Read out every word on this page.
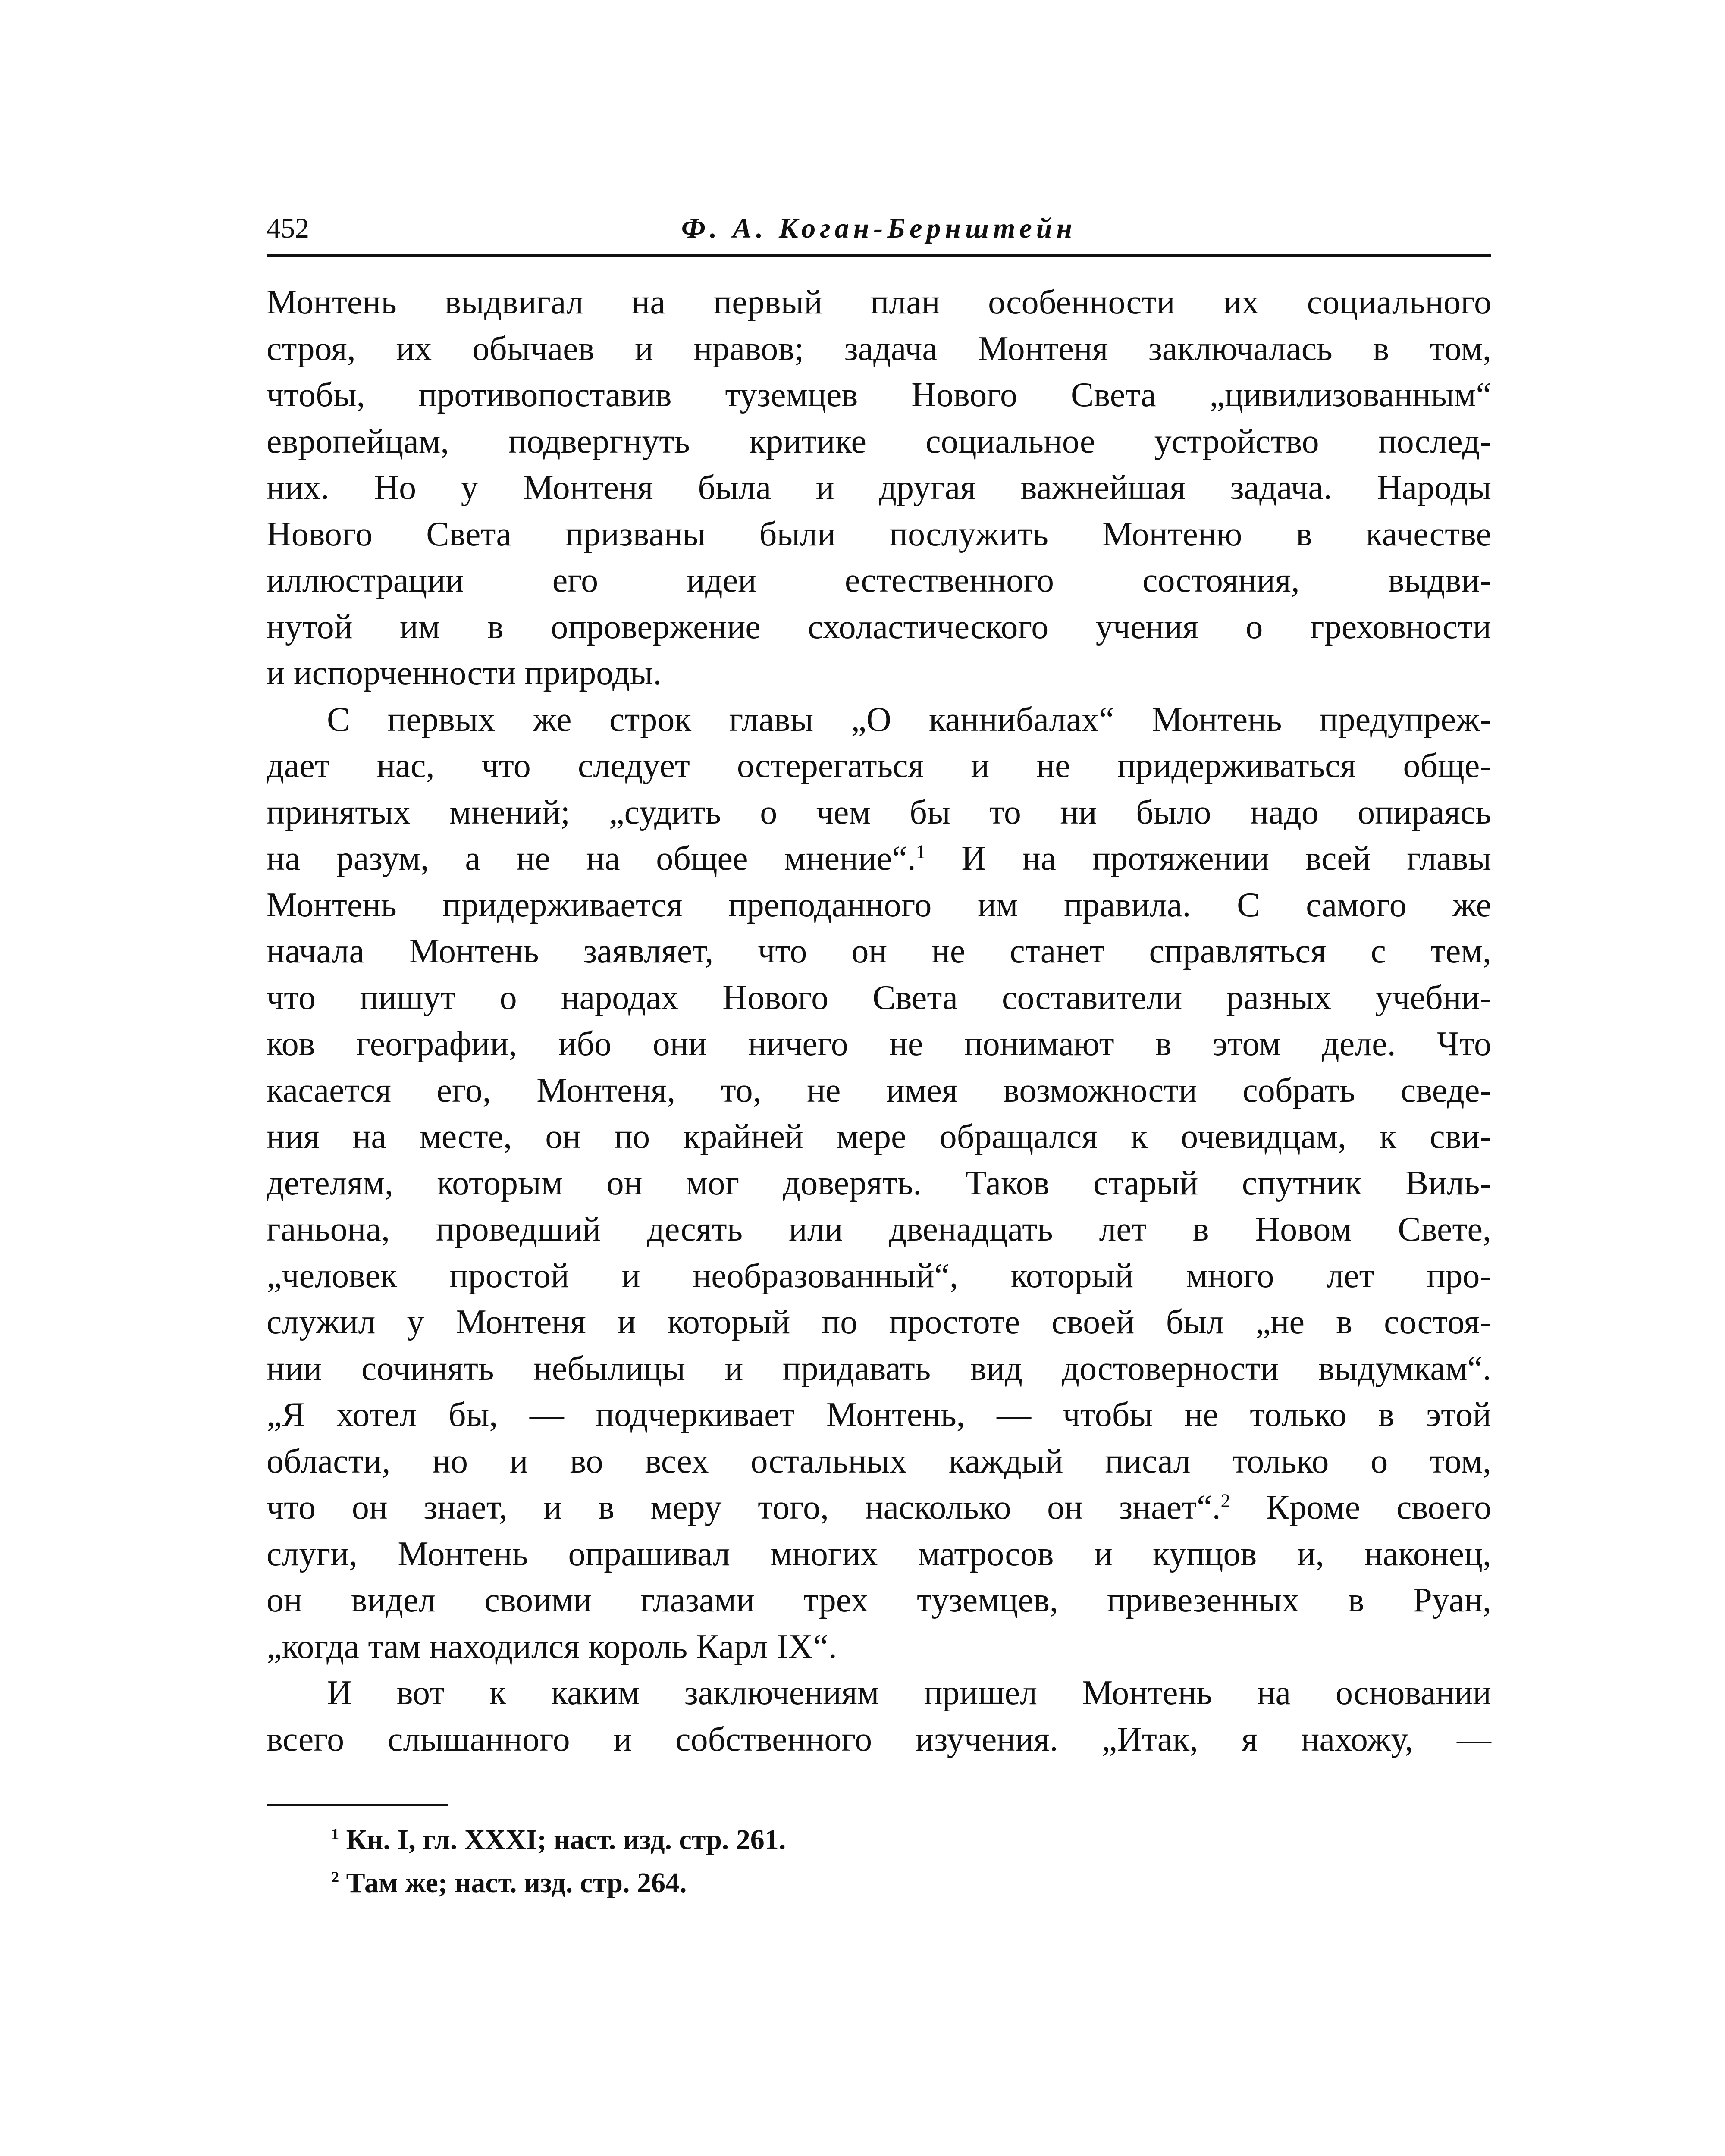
452	Ф. А. Коган-Бернштейн
Монтень выдвигал на первый план особенности их социального
строя, их обычаев и нравов; задача Монтеня заключалась в том,
чтобы, противопоставив туземцев Нового Света „цивилизованным“
европейцам, подвергнуть критике социальное устройство послед-
них. Но у Монтеня была и другая важнейшая задача. Народы
Нового Света призваны были послужить Монтеню в качестве
иллюстрации его идеи естественного состояния, выдви-
нутой им в опровержение схоластического учения о греховности
и испорченности природы.
С первых же строк главы „О каннибалах“ Монтень предупреж-
дает нас, что следует остерегаться и не придерживаться обще-
принятых мнений; „судить о чем бы то ни было надо опираясь
на разум, а не на общее мнение“.$^1$ И на протяжении всей главы
Монтень придерживается преподанного им правила. С самого же
начала Монтень заявляет, что он не станет справляться с тем,
что пишут о народах Нового Света составители разных учебни-
ков географии, ибо они ничего не понимают в этом деле. Что
касается его, Монтеня, то, не имея возможности собрать сведе-
ния на месте, он по крайней мере обращался к очевидцам, к сви-
детелям, которым он мог доверять. Таков старый спутник Виль-
ганьона, проведший десять или двенадцать лет в Новом Свете,
„человек простой и необразованный“, который много лет про-
служил у Монтеня и который по простоте своей был „не в состоя-
нии сочинять небылицы и придавать вид достоверности выдумкам“.
„Я хотел бы, — подчеркивает Монтень, — чтобы не только в этой
области, но и во всех остальных каждый писал только о том,
что он знает, и в меру того, насколько он знает“.$^2$ Кроме своего
слуги, Монтень опрашивал многих матросов и купцов и, наконец,
он видел своими глазами трех туземцев, привезенных в Руан,
„когда там находился король Карл IX“.
И вот к каким заключениям пришел Монтень на основании
всего слышанного и собственного изучения. „Итак, я нахожу, —
$^1$ Кн. I, гл. XXXI; наст. изд. стр. 261.
$^2$ Там же; наст. изд. стр. 264.
